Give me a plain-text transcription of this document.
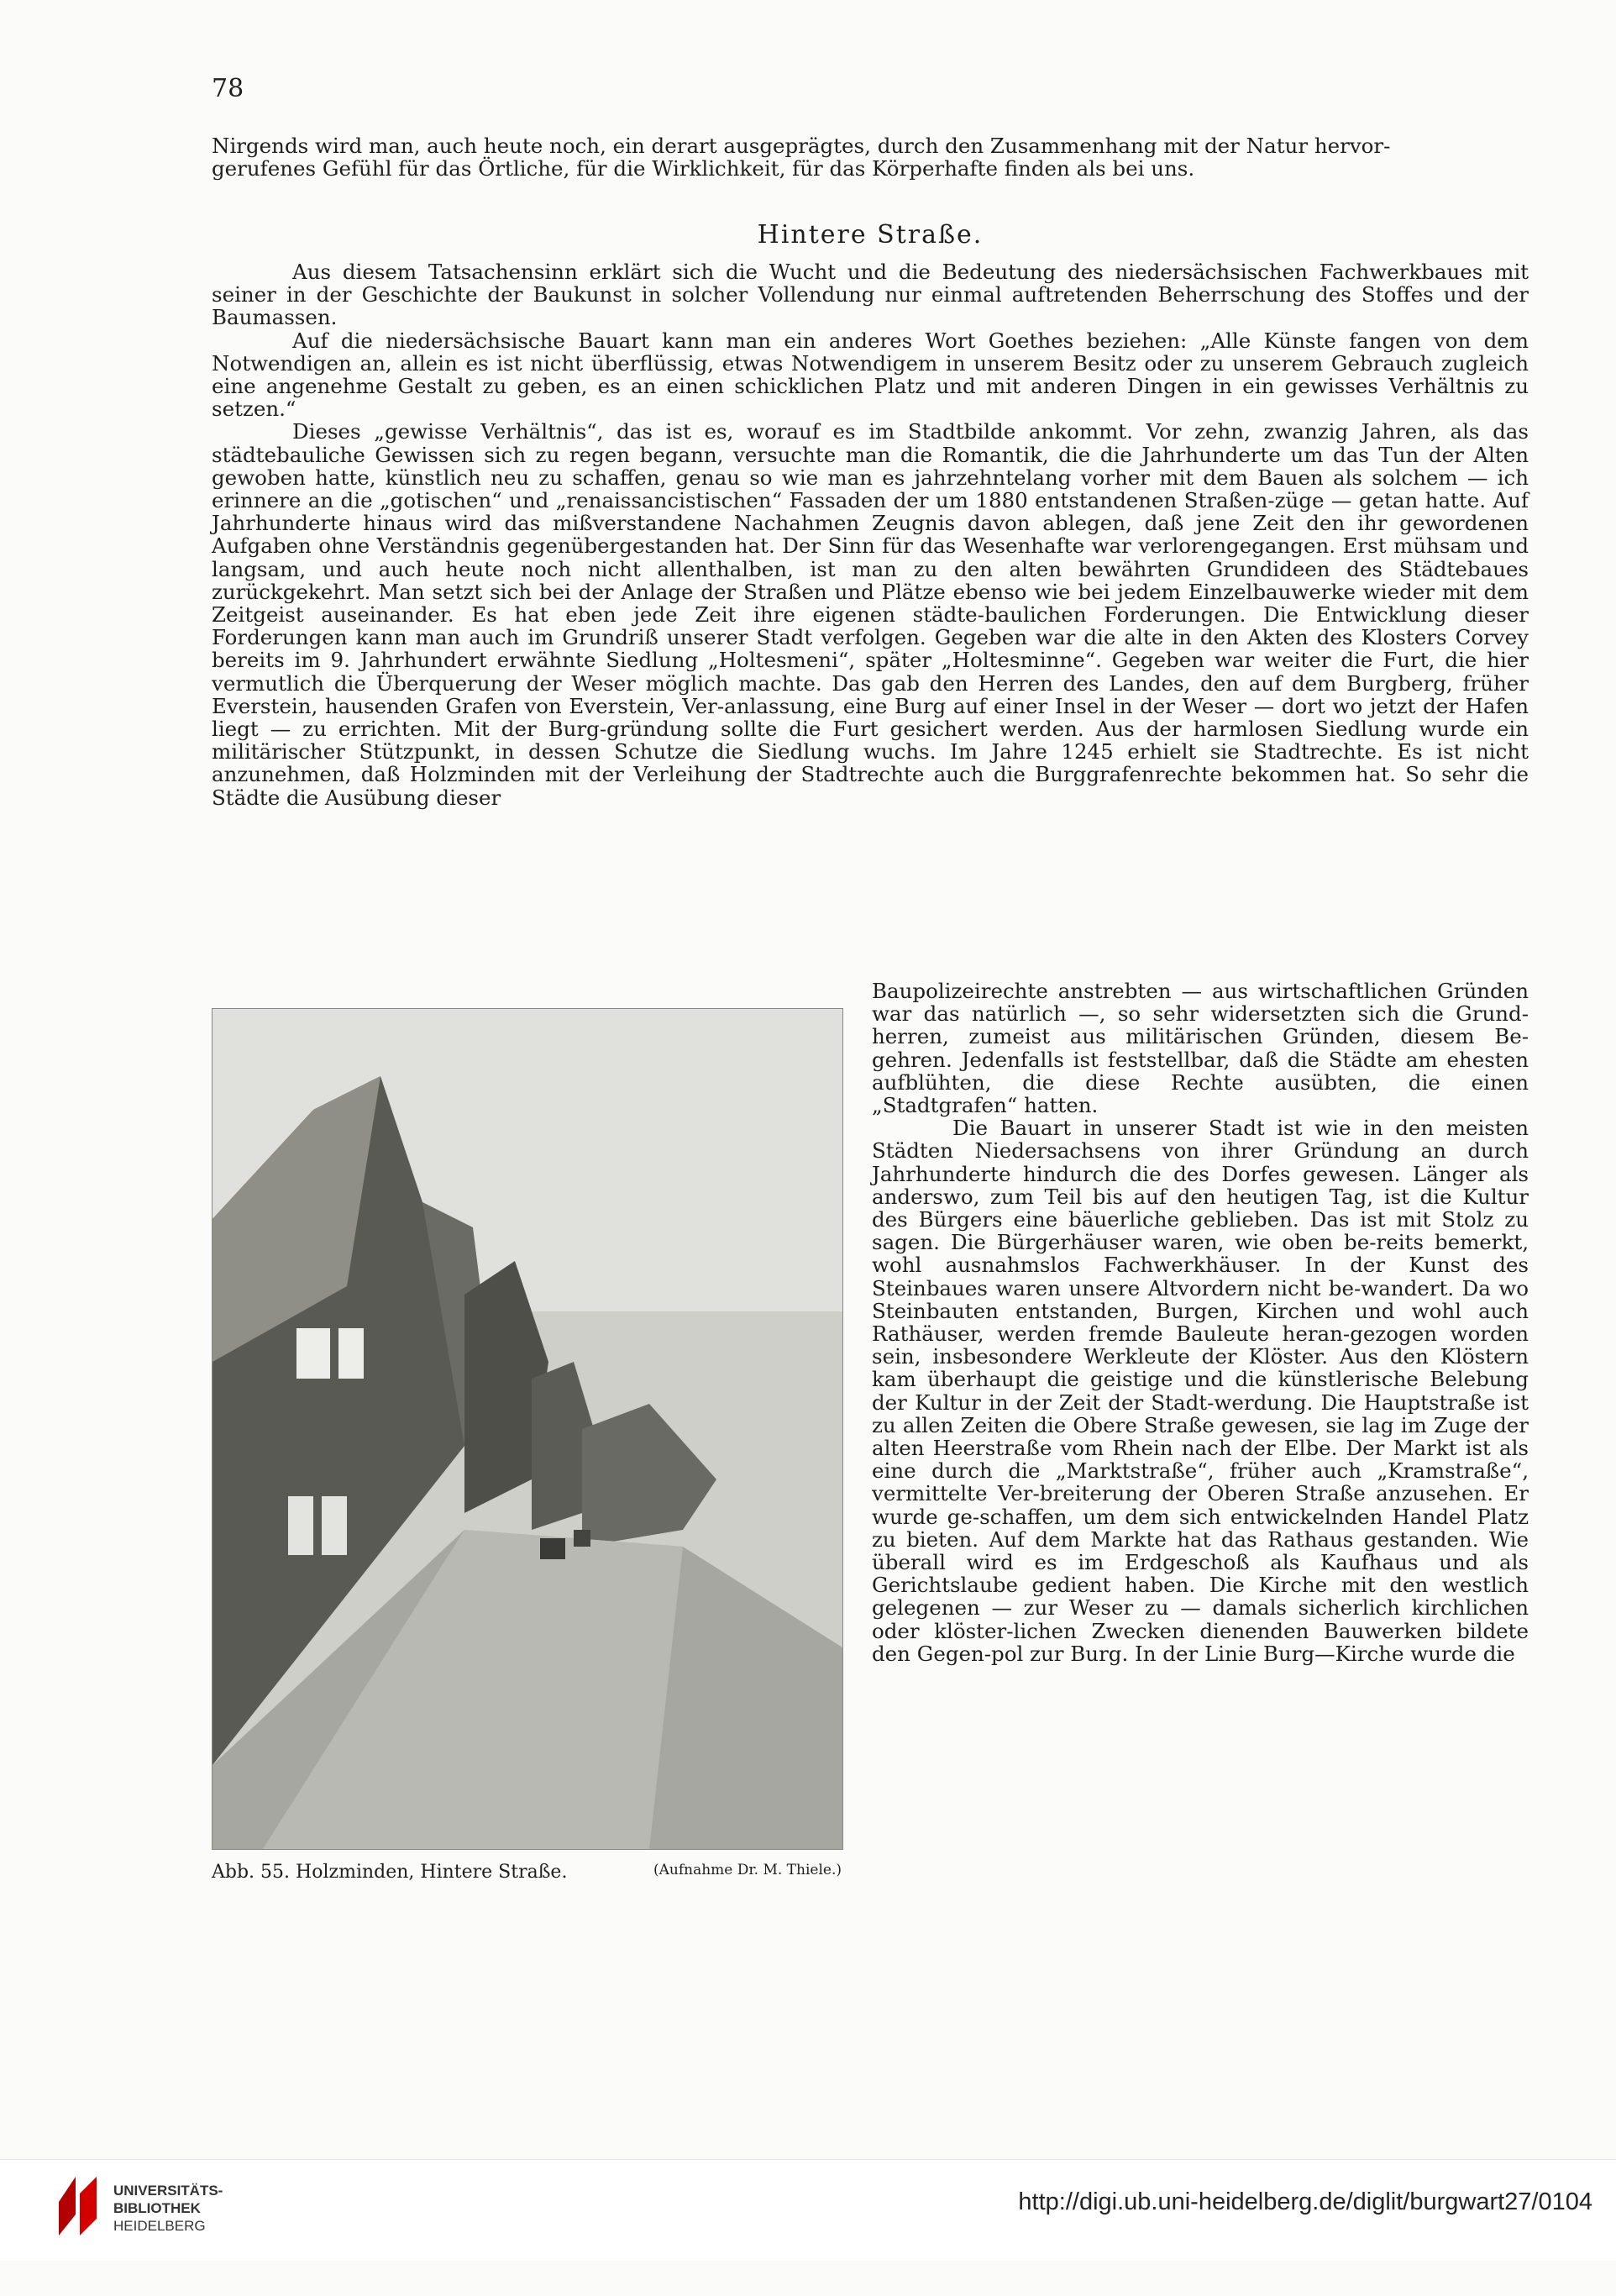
78

Nirgends wird man, auch heute noch, ein derart ausgeprägtes, durch den Zusammenhang mit der Natur hervor-

gerufenes Gefühl für das Örtliche, für die Wirklichkeit, für das Körperhafte finden als bei uns.

Hintere Straße.

Aus diesem Tatsachensinn erklärt sich die Wucht und die Bedeutung des niedersächsischen Fachwerkbaues mit seiner in der Geschichte der Baukunst in solcher Vollendung nur einmal auftretenden Beherrschung des Stoffes und der Baumassen.

Auf die niedersächsische Bauart kann man ein anderes Wort Goethes beziehen: „Alle Künste fangen von dem Notwendigen an, allein es ist nicht überflüssig, etwas Notwendigem in unserem Besitz oder zu unserem Gebrauch zugleich eine angenehme Gestalt zu geben, es an einen schicklichen Platz und mit anderen Dingen in ein gewisses Verhältnis zu setzen.“

Dieses „gewisse Verhältnis“, das ist es, worauf es im Stadtbilde ankommt. Vor zehn, zwanzig Jahren, als das städtebauliche Gewissen sich zu regen begann, versuchte man die Romantik, die die Jahrhunderte um das Tun der Alten gewoben hatte, künstlich neu zu schaffen, genau so wie man es jahrzehntelang vorher mit dem Bauen als solchem — ich erinnere an die „gotischen“ und „renaissancistischen“ Fassaden der um 1880 entstandenen Straßen-züge — getan hatte. Auf Jahrhunderte hinaus wird das mißverstandene Nachahmen Zeugnis davon ablegen, daß jene Zeit den ihr gewordenen Aufgaben ohne Verständnis gegenübergestanden hat. Der Sinn für das Wesenhafte war verlorengegangen. Erst mühsam und langsam, und auch heute noch nicht allenthalben, ist man zu den alten bewährten Grundideen des Städtebaues zurückgekehrt. Man setzt sich bei der Anlage der Straßen und Plätze ebenso wie bei jedem Einzelbauwerke wieder mit dem Zeitgeist auseinander. Es hat eben jede Zeit ihre eigenen städte-baulichen Forderungen. Die Entwicklung dieser Forderungen kann man auch im Grundriß unserer Stadt verfolgen. Gegeben war die alte in den Akten des Klosters Corvey bereits im 9. Jahrhundert erwähnte Siedlung „Holtesmeni“, später „Holtesminne“. Gegeben war weiter die Furt, die hier vermutlich die Überquerung der Weser möglich machte. Das gab den Herren des Landes, den auf dem Burgberg, früher Everstein, hausenden Grafen von Everstein, Ver-anlassung, eine Burg auf einer Insel in der Weser — dort wo jetzt der Hafen liegt — zu errichten. Mit der Burg-gründung sollte die Furt gesichert werden. Aus der harmlosen Siedlung wurde ein militärischer Stützpunkt, in dessen Schutze die Siedlung wuchs. Im Jahre 1245 erhielt sie Stadtrechte. Es ist nicht anzunehmen, daß Holzminden mit der Verleihung der Stadtrechte auch die Burggrafenrechte bekommen hat. So sehr die Städte die Ausübung dieser

Baupolizeirechte anstrebten — aus wirtschaftlichen Gründen war das natürlich —, so sehr widersetzten sich die Grund-herren, zumeist aus militärischen Gründen, diesem Be-gehren. Jedenfalls ist feststellbar, daß die Städte am ehesten aufblühten, die diese Rechte ausübten, die einen „Stadtgrafen“ hatten.

Die Bauart in unserer Stadt ist wie in den meisten Städten Niedersachsens von ihrer Gründung an durch Jahrhunderte hindurch die des Dorfes gewesen. Länger als anderswo, zum Teil bis auf den heutigen Tag, ist die Kultur des Bürgers eine bäuerliche geblieben. Das ist mit Stolz zu sagen. Die Bürgerhäuser waren, wie oben be-reits bemerkt, wohl ausnahmslos Fachwerkhäuser. In der Kunst des Steinbaues waren unsere Altvordern nicht be-wandert. Da wo Steinbauten entstanden, Burgen, Kirchen und wohl auch Rathäuser, werden fremde Bauleute heran-gezogen worden sein, insbesondere Werkleute der Klöster. Aus den Klöstern kam überhaupt die geistige und die künstlerische Belebung der Kultur in der Zeit der Stadt-werdung. Die Hauptstraße ist zu allen Zeiten die Obere Straße gewesen, sie lag im Zuge der alten Heerstraße vom Rhein nach der Elbe. Der Markt ist als eine durch die „Marktstraße“, früher auch „Kramstraße“, vermittelte Ver-breiterung der Oberen Straße anzusehen. Er wurde ge-schaffen, um dem sich entwickelnden Handel Platz zu bieten. Auf dem Markte hat das Rathaus gestanden. Wie überall wird es im Erdgeschoß als Kaufhaus und als Gerichtslaube gedient haben. Die Kirche mit den westlich gelegenen — zur Weser zu — damals sicherlich kirchlichen oder klöster-lichen Zwecken dienenden Bauwerken bildete den Gegen-pol zur Burg. In der Linie Burg—Kirche wurde die

Abb. 55. Holzminden, Hintere Straße.	(Aufnahme Dr. M. Thiele.)
UNIVERSITÄTS-
BIBLIOTHEK
HEIDELBERG
http://digi.ub.uni-heidelberg.de/diglit/burgwart27/0104
